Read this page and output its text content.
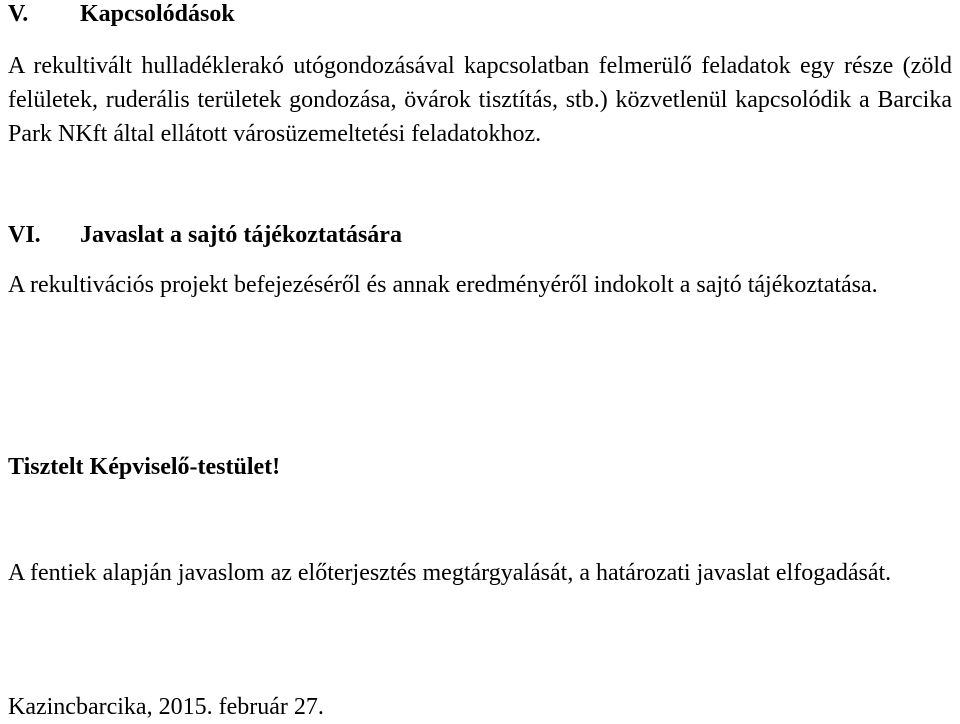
V. Kapcsolódások
A rekultivált hulladéklerakó utógondozásával kapcsolatban felmerülő feladatok egy része (zöld felületek, ruderális területek gondozása, övárok tisztítás, stb.) közvetlenül kapcsolódik a Barcika Park NKft által ellátott városüzemeltetési feladatokhoz.
VI. Javaslat a sajtó tájékoztatására
A rekultivációs projekt befejezéséről és annak eredményéről indokolt a sajtó tájékoztatása.
Tisztelt Képviselő-testület!
A fentiek alapján javaslom az előterjesztés megtárgyalását, a határozati javaslat elfogadását.
Kazincbarcika, 2015. február 27.
